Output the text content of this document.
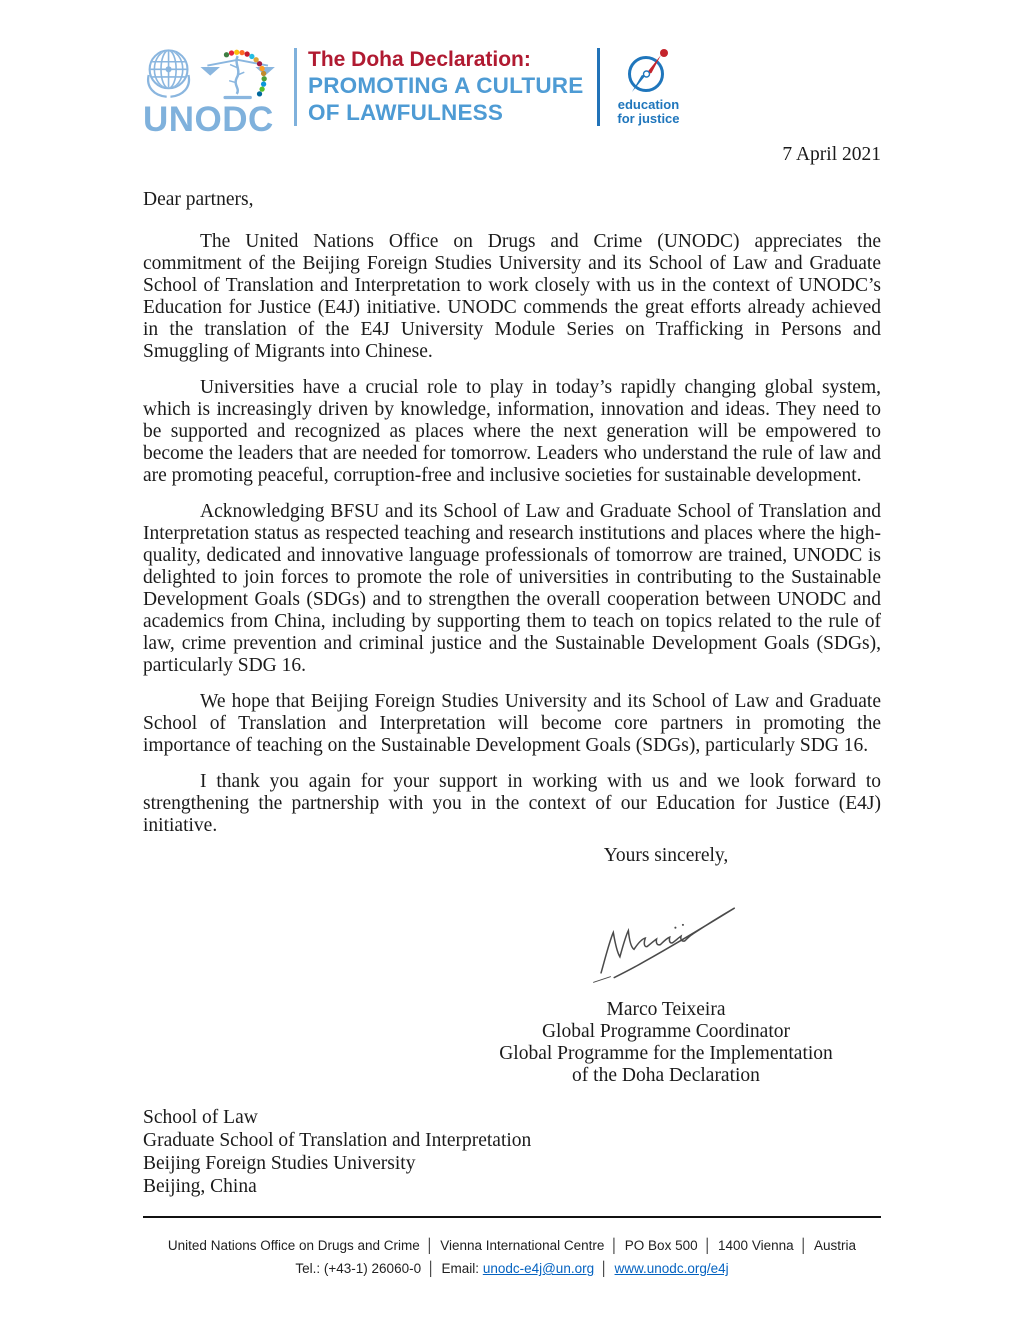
UNODC
The Doha Declaration:
PROMOTING A CULTURE
OF LAWFULNESS	education
for justice
7 April 2021
Dear partners,

The United Nations Office on Drugs and Crime (UNODC) appreciates the commitment of the Beijing Foreign Studies University and its School of Law and Graduate School of Translation and Interpretation to work closely with us in the context of UNODC’s Education for Justice (E4J) initiative. UNODC commends the great efforts already achieved in the translation of the E4J University Module Series on Trafficking in Persons and Smuggling of Migrants into Chinese.

Universities have a crucial role to play in today’s rapidly changing global system, which is increasingly driven by knowledge, information, innovation and ideas. They need to be supported and recognized as places where the next generation will be empowered to become the leaders that are needed for tomorrow. Leaders who understand the rule of law and are promoting peaceful, corruption-free and inclusive societies for sustainable development.

Acknowledging BFSU and its School of Law and Graduate School of Translation and Interpretation status as respected teaching and research institutions and places where the high-quality, dedicated and innovative language professionals of tomorrow are trained, UNODC is delighted to join forces to promote the role of universities in contributing to the Sustainable Development Goals (SDGs) and to strengthen the overall cooperation between UNODC and academics from China, including by supporting them to teach on topics related to the rule of law, crime prevention and criminal justice and the Sustainable Development Goals (SDGs), particularly SDG 16.

We hope that Beijing Foreign Studies University and its School of Law and Graduate School of Translation and Interpretation will become core partners in promoting the importance of teaching on the Sustainable Development Goals (SDGs), particularly SDG 16.

I thank you again for your support in working with us and we look forward to strengthening the partnership with you in the context of our Education for Justice (E4J) initiative.

Yours sincerely,
Marco Teixeira
Global Programme Coordinator
Global Programme for the Implementation
of the Doha Declaration
School of Law
Graduate School of Translation and Interpretation
Beijing Foreign Studies University
Beijing, China
United Nations Office on Drugs and Crime │ Vienna International Centre │ PO Box 500 │ 1400 Vienna │ Austria
Tel.: (+43-1) 26060-0 │ Email: unodc-e4j@un.org │ www.unodc.org/e4j
